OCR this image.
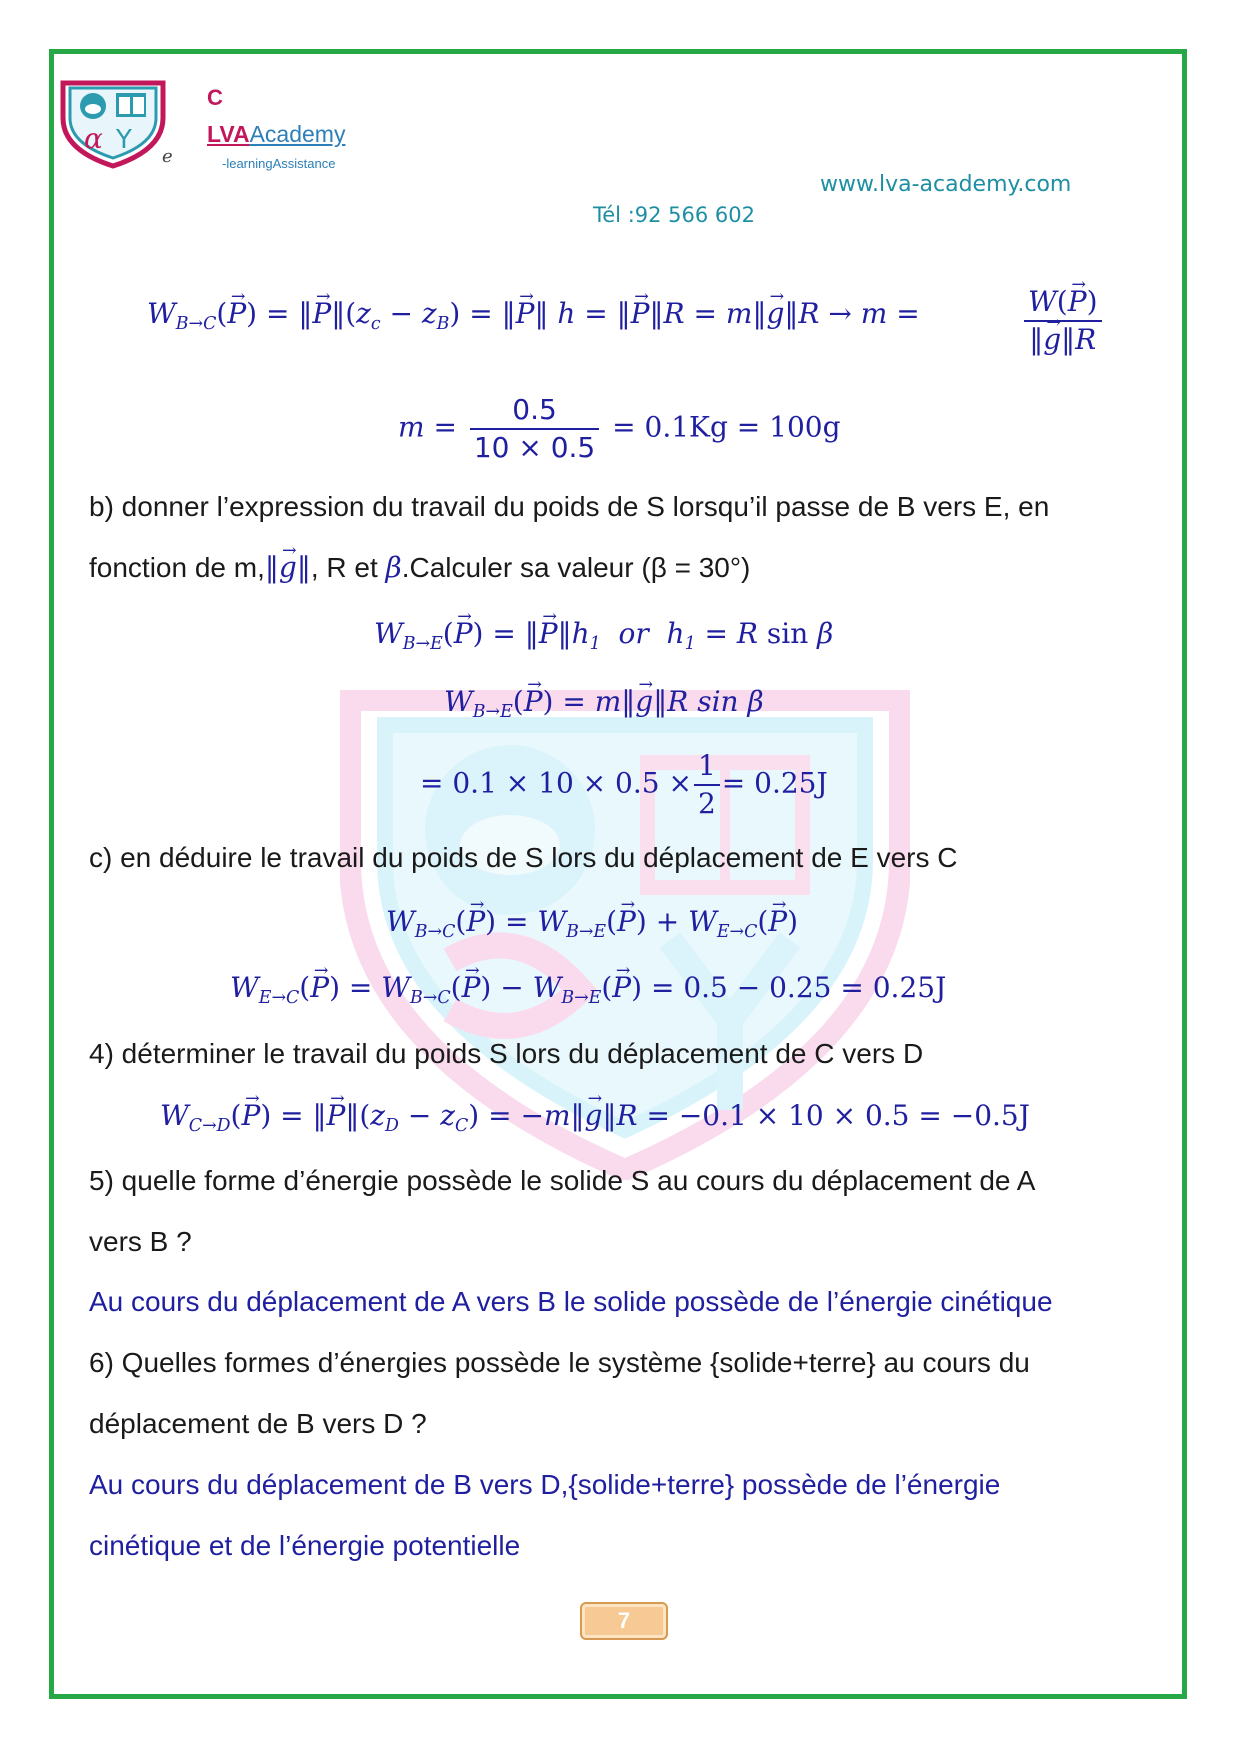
α Y
e
C
LVAAcademy
-learningAssistance
www.lva-academy.com
Tél :92 566 602
$W_{B\to C}(\to P)$ = ‖→ $P‖(z_c - z_B)$ = ‖→ P‖ h = ‖→ P‖R = m‖→ g‖R → m =	$\frac{W(\to P)}{‖\to g‖R}$
$m = \frac{0.5}{10 \times 0.5} = 0.1Kg = 100g$
b) donner l’expression du travail du poids de S lorsqu’il passe de B vers E, en
fonction de m,‖→ g‖, R et β.Calculer sa valeur (β = 30°)
$W_{B\to E}(\to P)$ = ‖→ $P‖h_1$ or $h_1 = R$ sin β
$W_{B\to E}(\to P)$ = m‖→ g‖R sin β
= $0.1 \times 10 \times 0.5 \times \frac{1}{2} = 0.25J$
c) en déduire le travail du poids de S lors du déplacement de E vers C
$W_{B\to C}(\to P) = W_{B\to E}(\to P) + W_{E\to C}(\to P)$
$W_{E\to C}(\to P) = W_{B\to C}(\to P) - W_{B\to E}(\to P) = 0.5 - 0.25 = 0.25J$
4) déterminer le travail du poids S lors du déplacement de C vers D
$W_{C\to D}(\to P)$ = ‖→ $P‖(z_D - z_C)$ = −m‖→ g‖R = −0.1 × 10 × 0.5 = −0.5J
5) quelle forme d’énergie possède le solide S au cours du déplacement de A
vers B ?
Au cours du déplacement de A vers B le solide possède de l’énergie cinétique
6) Quelles formes d’énergies possède le système {solide+terre} au cours du
déplacement de B vers D ?
Au cours du déplacement de B vers D,{solide+terre} possède de l’énergie
cinétique et de l’énergie potentielle
7
